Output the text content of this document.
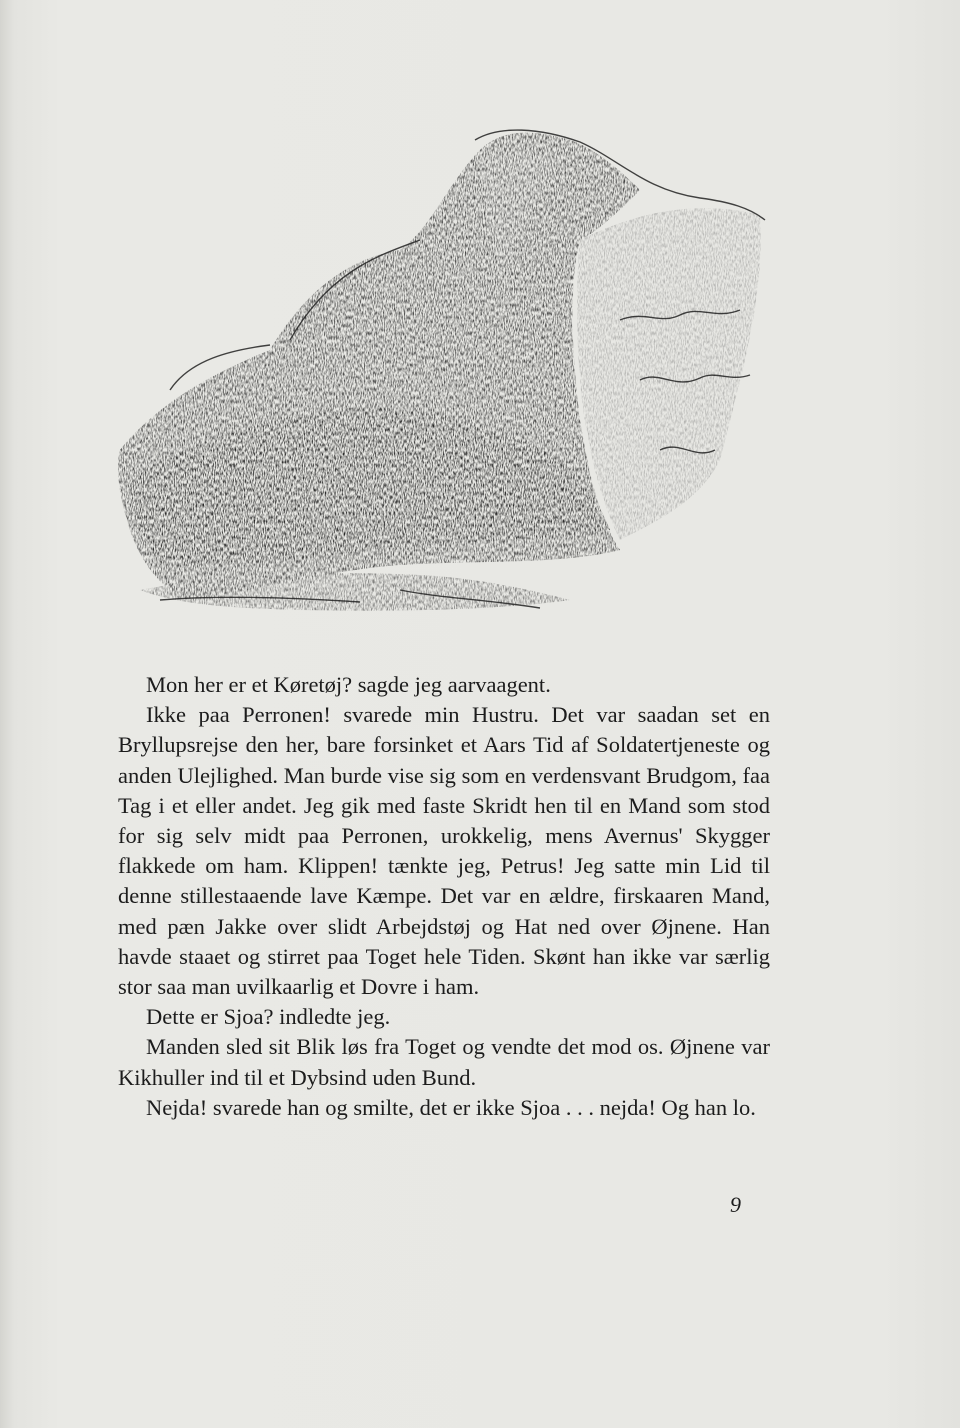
Mon her er et Køretøj? sagde jeg aarvaagent.

Ikke paa Perronen! svarede min Hustru. Det var saadan set en Bryllupsrejse den her, bare forsinket et Aars Tid af Soldatertjeneste og anden Ulejlighed. Man burde vise sig som en verdensvant Brudgom, faa Tag i et eller andet. Jeg gik med faste Skridt hen til en Mand som stod for sig selv midt paa Perronen, urokkelig, mens Avernus' Skygger flakkede om ham. Klippen! tænkte jeg, Petrus! Jeg satte min Lid til denne stillestaaende lave Kæmpe. Det var en ældre, firskaaren Mand, med pæn Jakke over slidt Arbejdstøj og Hat ned over Øjnene. Han havde staaet og stirret paa Toget hele Tiden. Skønt han ikke var særlig stor saa man uvilkaarlig et Dovre i ham.

Dette er Sjoa? indledte jeg.

Manden sled sit Blik løs fra Toget og vendte det mod os. Øjnene var Kikhuller ind til et Dybsind uden Bund.

Nejda! svarede han og smilte, det er ikke Sjoa . . . nejda! Og han lo.

9
